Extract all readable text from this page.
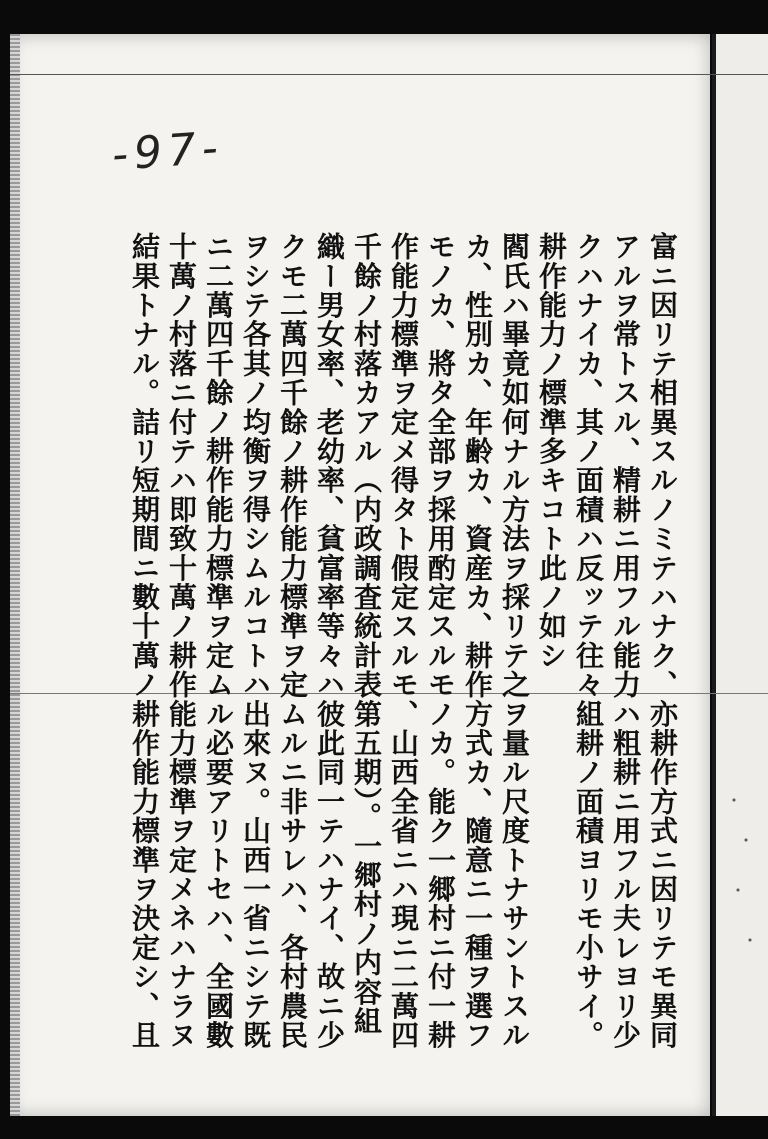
-97-
富ニ因リテ相異スルノミテハナク、亦耕作方式ニ因リテモ異同
アルヲ常トスル、精耕ニ用フル能力ハ粗耕ニ用フル夫レヨリ少
クハナイカ、其ノ面積ハ反ッテ往々組耕ノ面積ヨリモ小サイ。
耕作能力ノ標準多キコト此ノ如シ
閻氏ハ畢竟如何ナル方法ヲ採リテ之ヲ量ル尺度トナサントスル
カ、性別カ、年齢カ、資産カ、耕作方式カ、隨意ニ一種ヲ選フ
モノカ、將タ全部ヲ採用酌定スルモノカ。能ク一郷村ニ付一耕
作能力標準ヲ定メ得タト假定スルモ、山西全省ニハ現ニ二萬四
千餘ノ村落カアル（内政調査統計表第五期）。一郷村ノ内容組
織ー男女率、老幼率、貧富率等々ハ彼此同一テハナイ、故ニ少
クモ二萬四千餘ノ耕作能力標準ヲ定ムルニ非サレハ、各村農民
ヲシテ各其ノ均衡ヲ得シムルコトハ出來ヌ。山西一省ニシテ既
ニ二萬四千餘ノ耕作能力標準ヲ定ムル必要アリトセハ、全國數
十萬ノ村落ニ付テハ即致十萬ノ耕作能力標準ヲ定メネハナラヌ
結果トナル。詰リ短期間ニ數十萬ノ耕作能力標準ヲ決定シ、且
